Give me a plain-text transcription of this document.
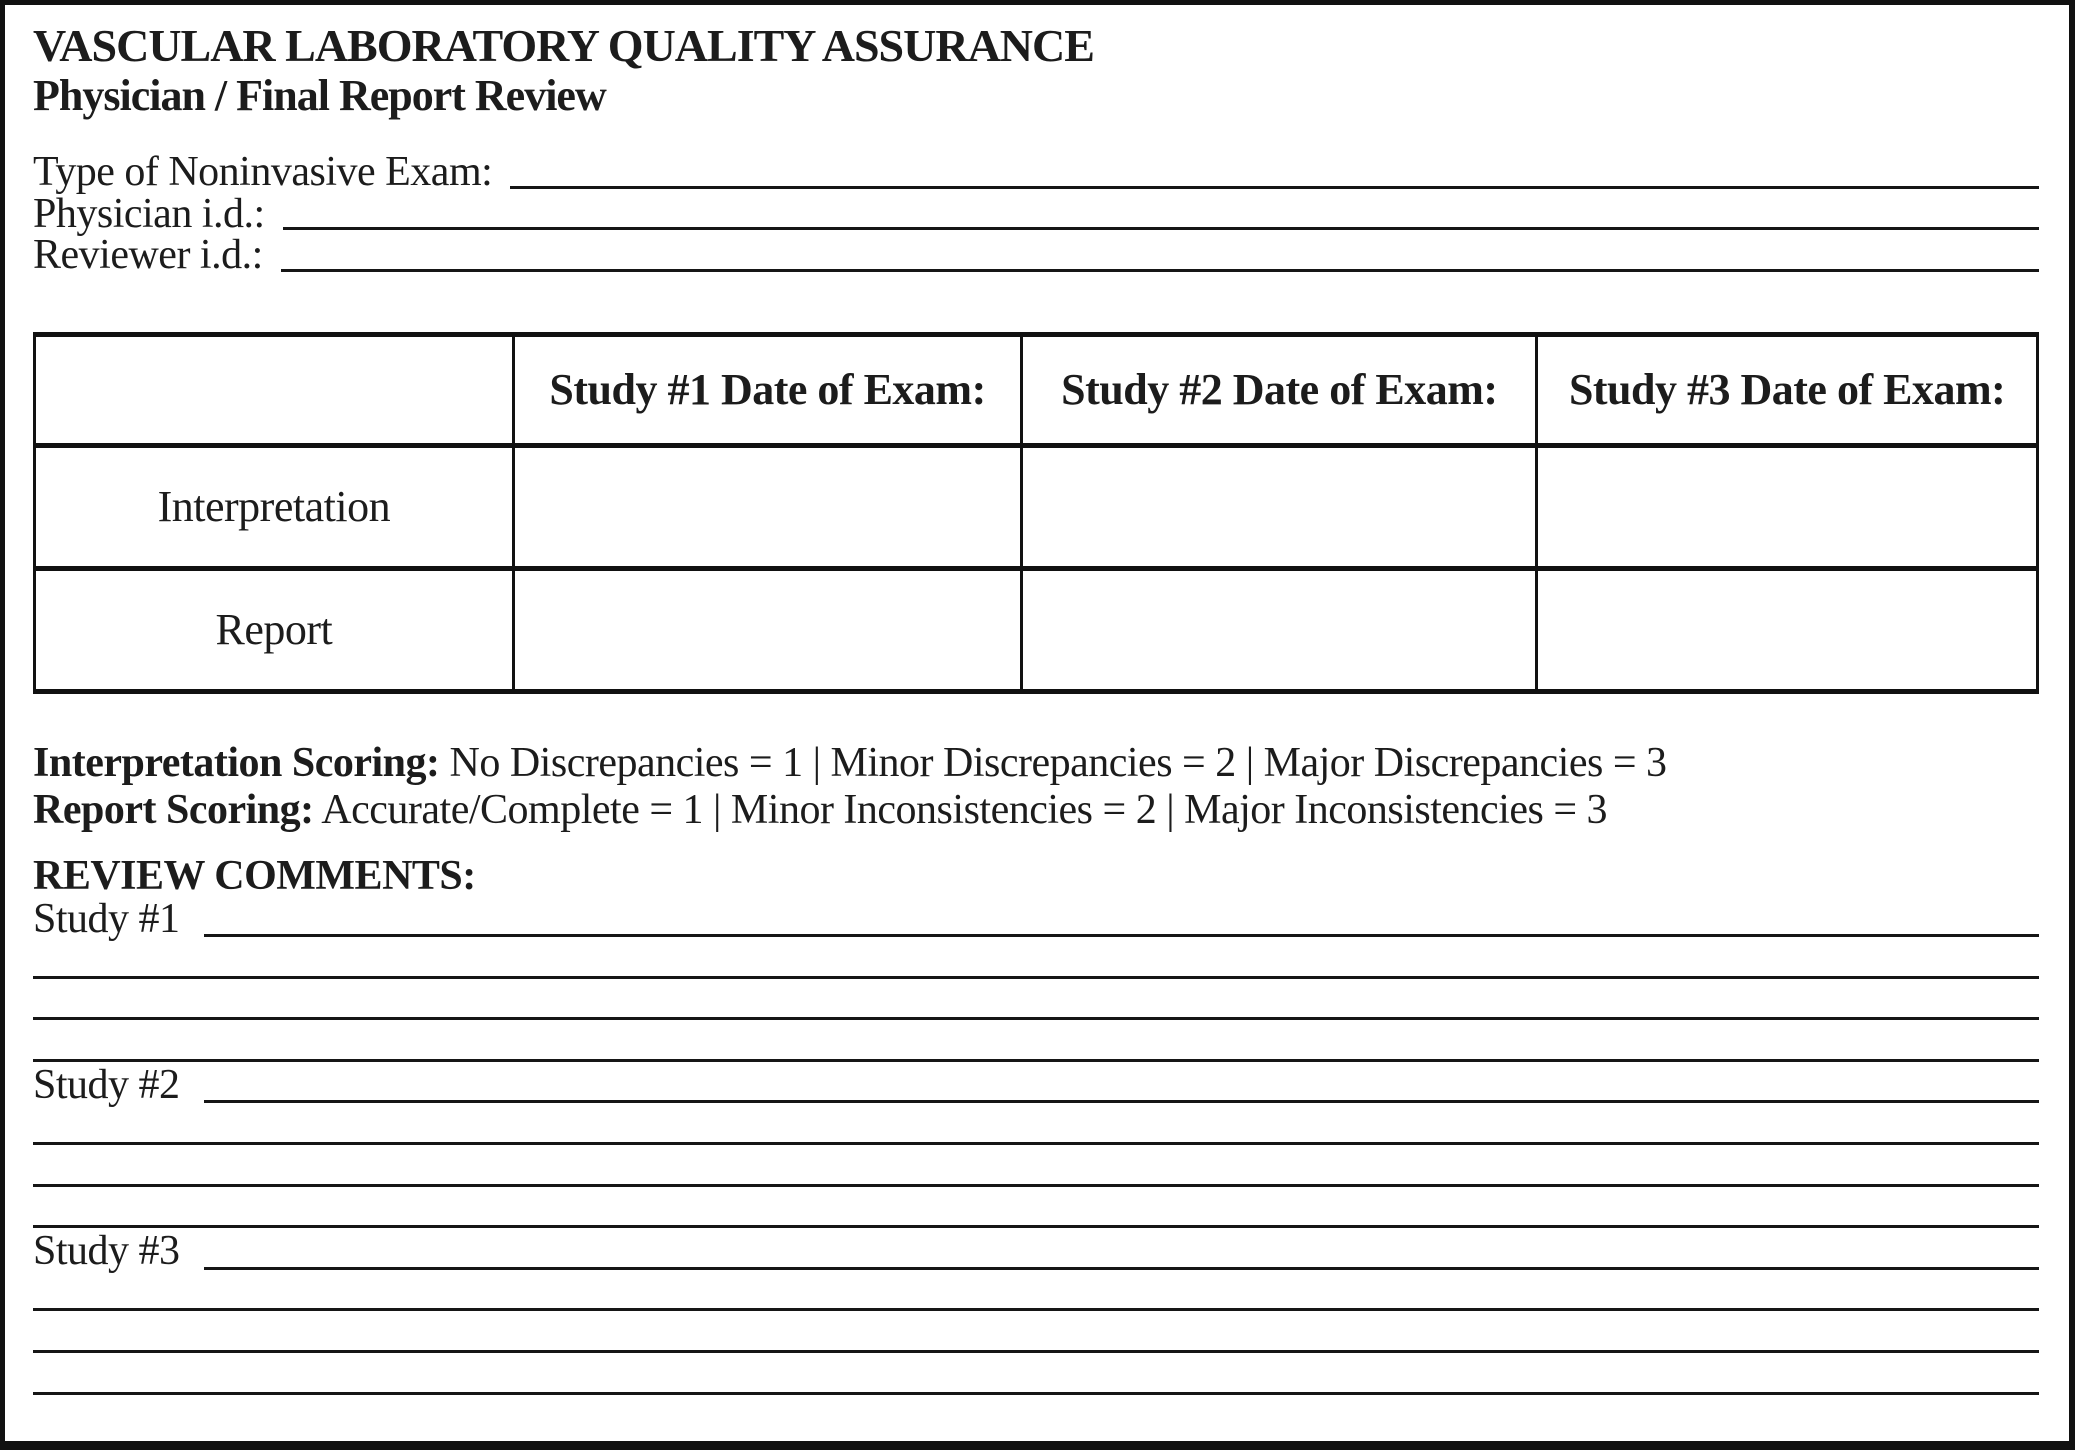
VASCULAR LABORATORY QUALITY ASSURANCE
Physician / Final Report Review
Type of Noninvasive Exam:
Physician i.d.:
Reviewer i.d.:
	Study #1 Date of Exam:	Study #2 Date of Exam:	Study #3 Date of Exam:
Interpretation			
Report			

Interpretation Scoring: No Discrepancies = 1 | Minor Discrepancies = 2 | Major Discrepancies = 3

Report Scoring: Accurate/Complete = 1 | Minor Inconsistencies = 2 | Major Inconsistencies = 3

REVIEW COMMENTS:

Study #1
Study #2
Study #3
